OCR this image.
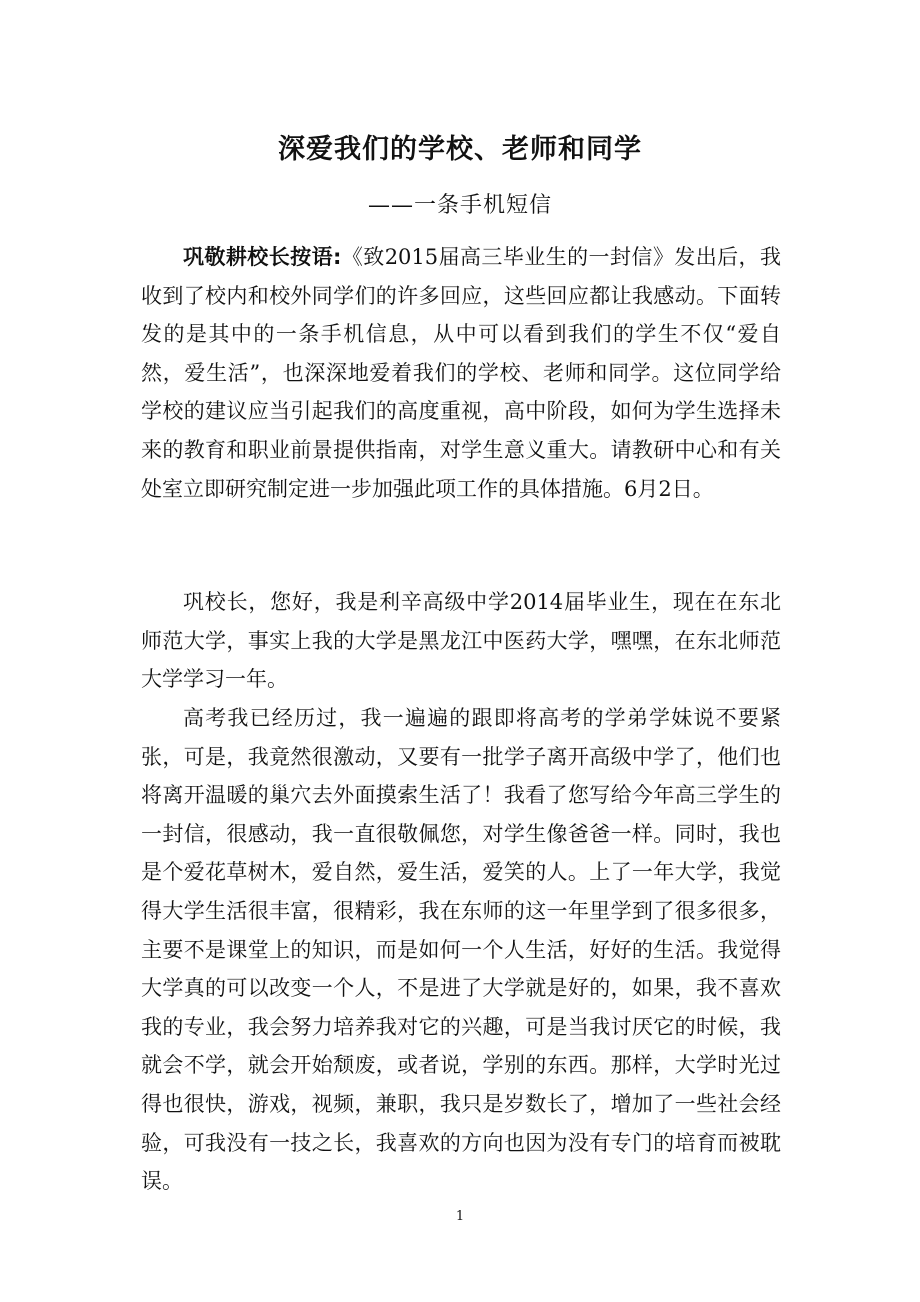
深爱我们的学校、老师和同学
——一条手机短信

巩敬耕校长按语:《致2015届高三毕业生的一封信》发出后，我收到了校内和校外同学们的许多回应，这些回应都让我感动。下面转发的是其中的一条手机信息，从中可以看到我们的学生不仅“爱自然，爱生活”，也深深地爱着我们的学校、老师和同学。这位同学给学校的建议应当引起我们的高度重视，高中阶段，如何为学生选择未来的教育和职业前景提供指南，对学生意义重大。请教研中心和有关处室立即研究制定进一步加强此项工作的具体措施。6月2日。

巩校长，您好，我是利辛高级中学2014届毕业生，现在在东北师范大学，事实上我的大学是黑龙江中医药大学，嘿嘿，在东北师范大学学习一年。

高考我已经历过，我一遍遍的跟即将高考的学弟学妹说不要紧张，可是，我竟然很激动，又要有一批学子离开高级中学了，他们也将离开温暖的巢穴去外面摸索生活了！我看了您写给今年高三学生的一封信，很感动，我一直很敬佩您，对学生像爸爸一样。同时，我也是个爱花草树木，爱自然，爱生活，爱笑的人。上了一年大学，我觉得大学生活很丰富，很精彩，我在东师的这一年里学到了很多很多，主要不是课堂上的知识，而是如何一个人生活，好好的生活。我觉得大学真的可以改变一个人，不是进了大学就是好的，如果，我不喜欢我的专业，我会努力培养我对它的兴趣，可是当我讨厌它的时候，我就会不学，就会开始颓废，或者说，学别的东西。那样，大学时光过得也很快，游戏，视频，兼职，我只是岁数长了，增加了一些社会经验，可我没有一技之长，我喜欢的方向也因为没有专门的培育而被耽误。

1
